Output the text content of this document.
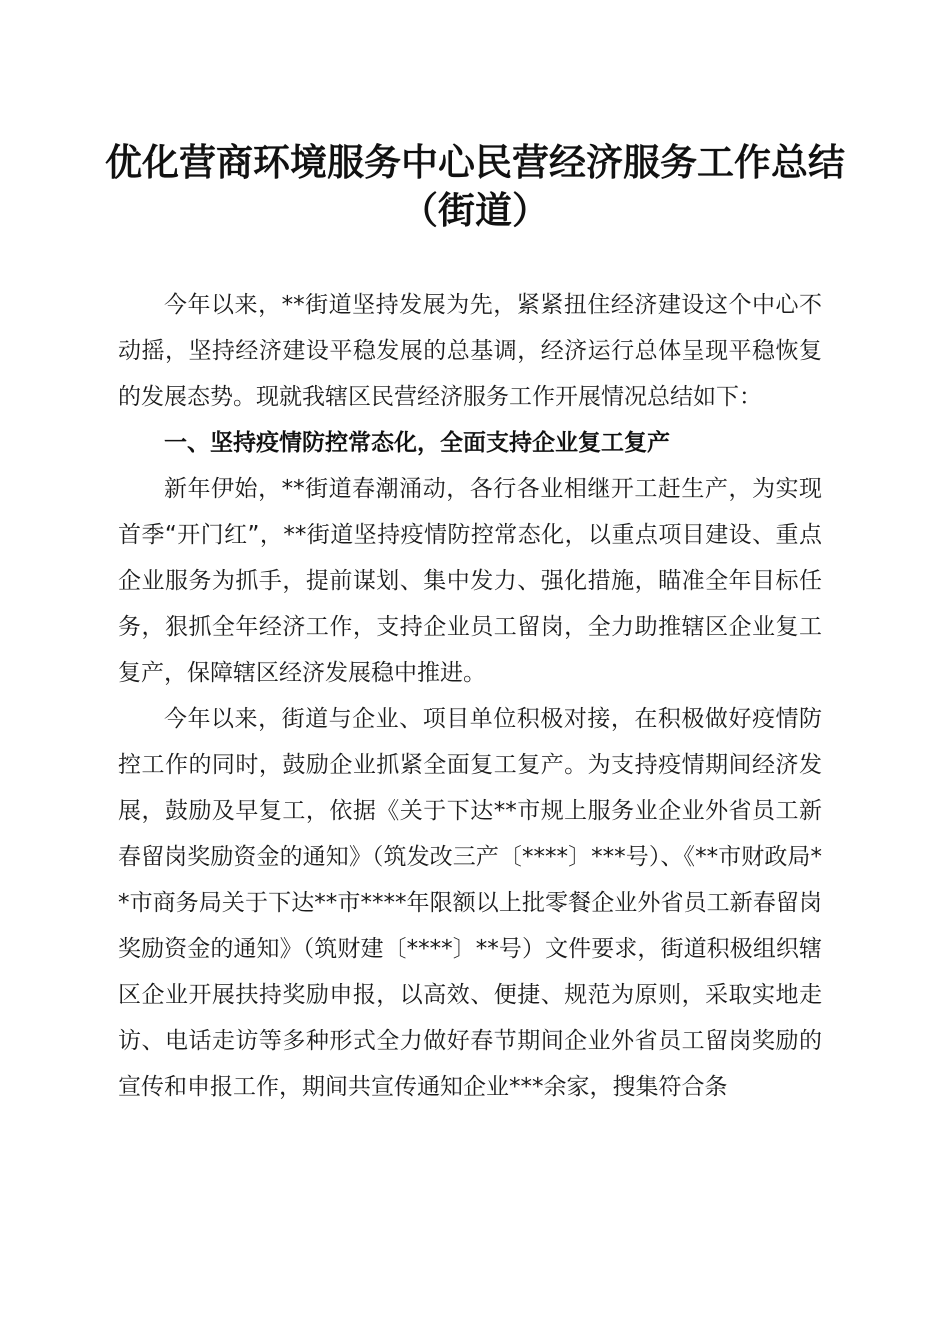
优化营商环境服务中心民营经济服务工作总结
（街道）

今年以来，**街道坚持发展为先，紧紧扭住经济建设这个中心不动摇，坚持经济建设平稳发展的总基调，经济运行总体呈现平稳恢复的发展态势。现就我辖区民营经济服务工作开展情况总结如下：

一、坚持疫情防控常态化，全面支持企业复工复产

新年伊始，**街道春潮涌动，各行各业相继开工赶生产，为实现首季“开门红”，**街道坚持疫情防控常态化，以重点项目建设、重点企业服务为抓手，提前谋划、集中发力、强化措施，瞄准全年目标任务，狠抓全年经济工作，支持企业员工留岗，全力助推辖区企业复工复产，保障辖区经济发展稳中推进。

今年以来，街道与企业、项目单位积极对接，在积极做好疫情防控工作的同时，鼓励企业抓紧全面复工复产。为支持疫情期间经济发展，鼓励及早复工，依据《关于下达**市规上服务业企业外省员工新春留岗奖励资金的通知》（筑发改三产〔****〕***号）、《**市财政局**市商务局关于下达**市****年限额以上批零餐企业外省员工新春留岗奖励资金的通知》（筑财建〔****〕**号）文件要求，街道积极组织辖区企业开展扶持奖励申报，以高效、便捷、规范为原则，采取实地走访、电话走访等多种形式全力做好春节期间企业外省员工留岗奖励的宣传和申报工作，期间共宣传通知企业***余家，搜集符合条
